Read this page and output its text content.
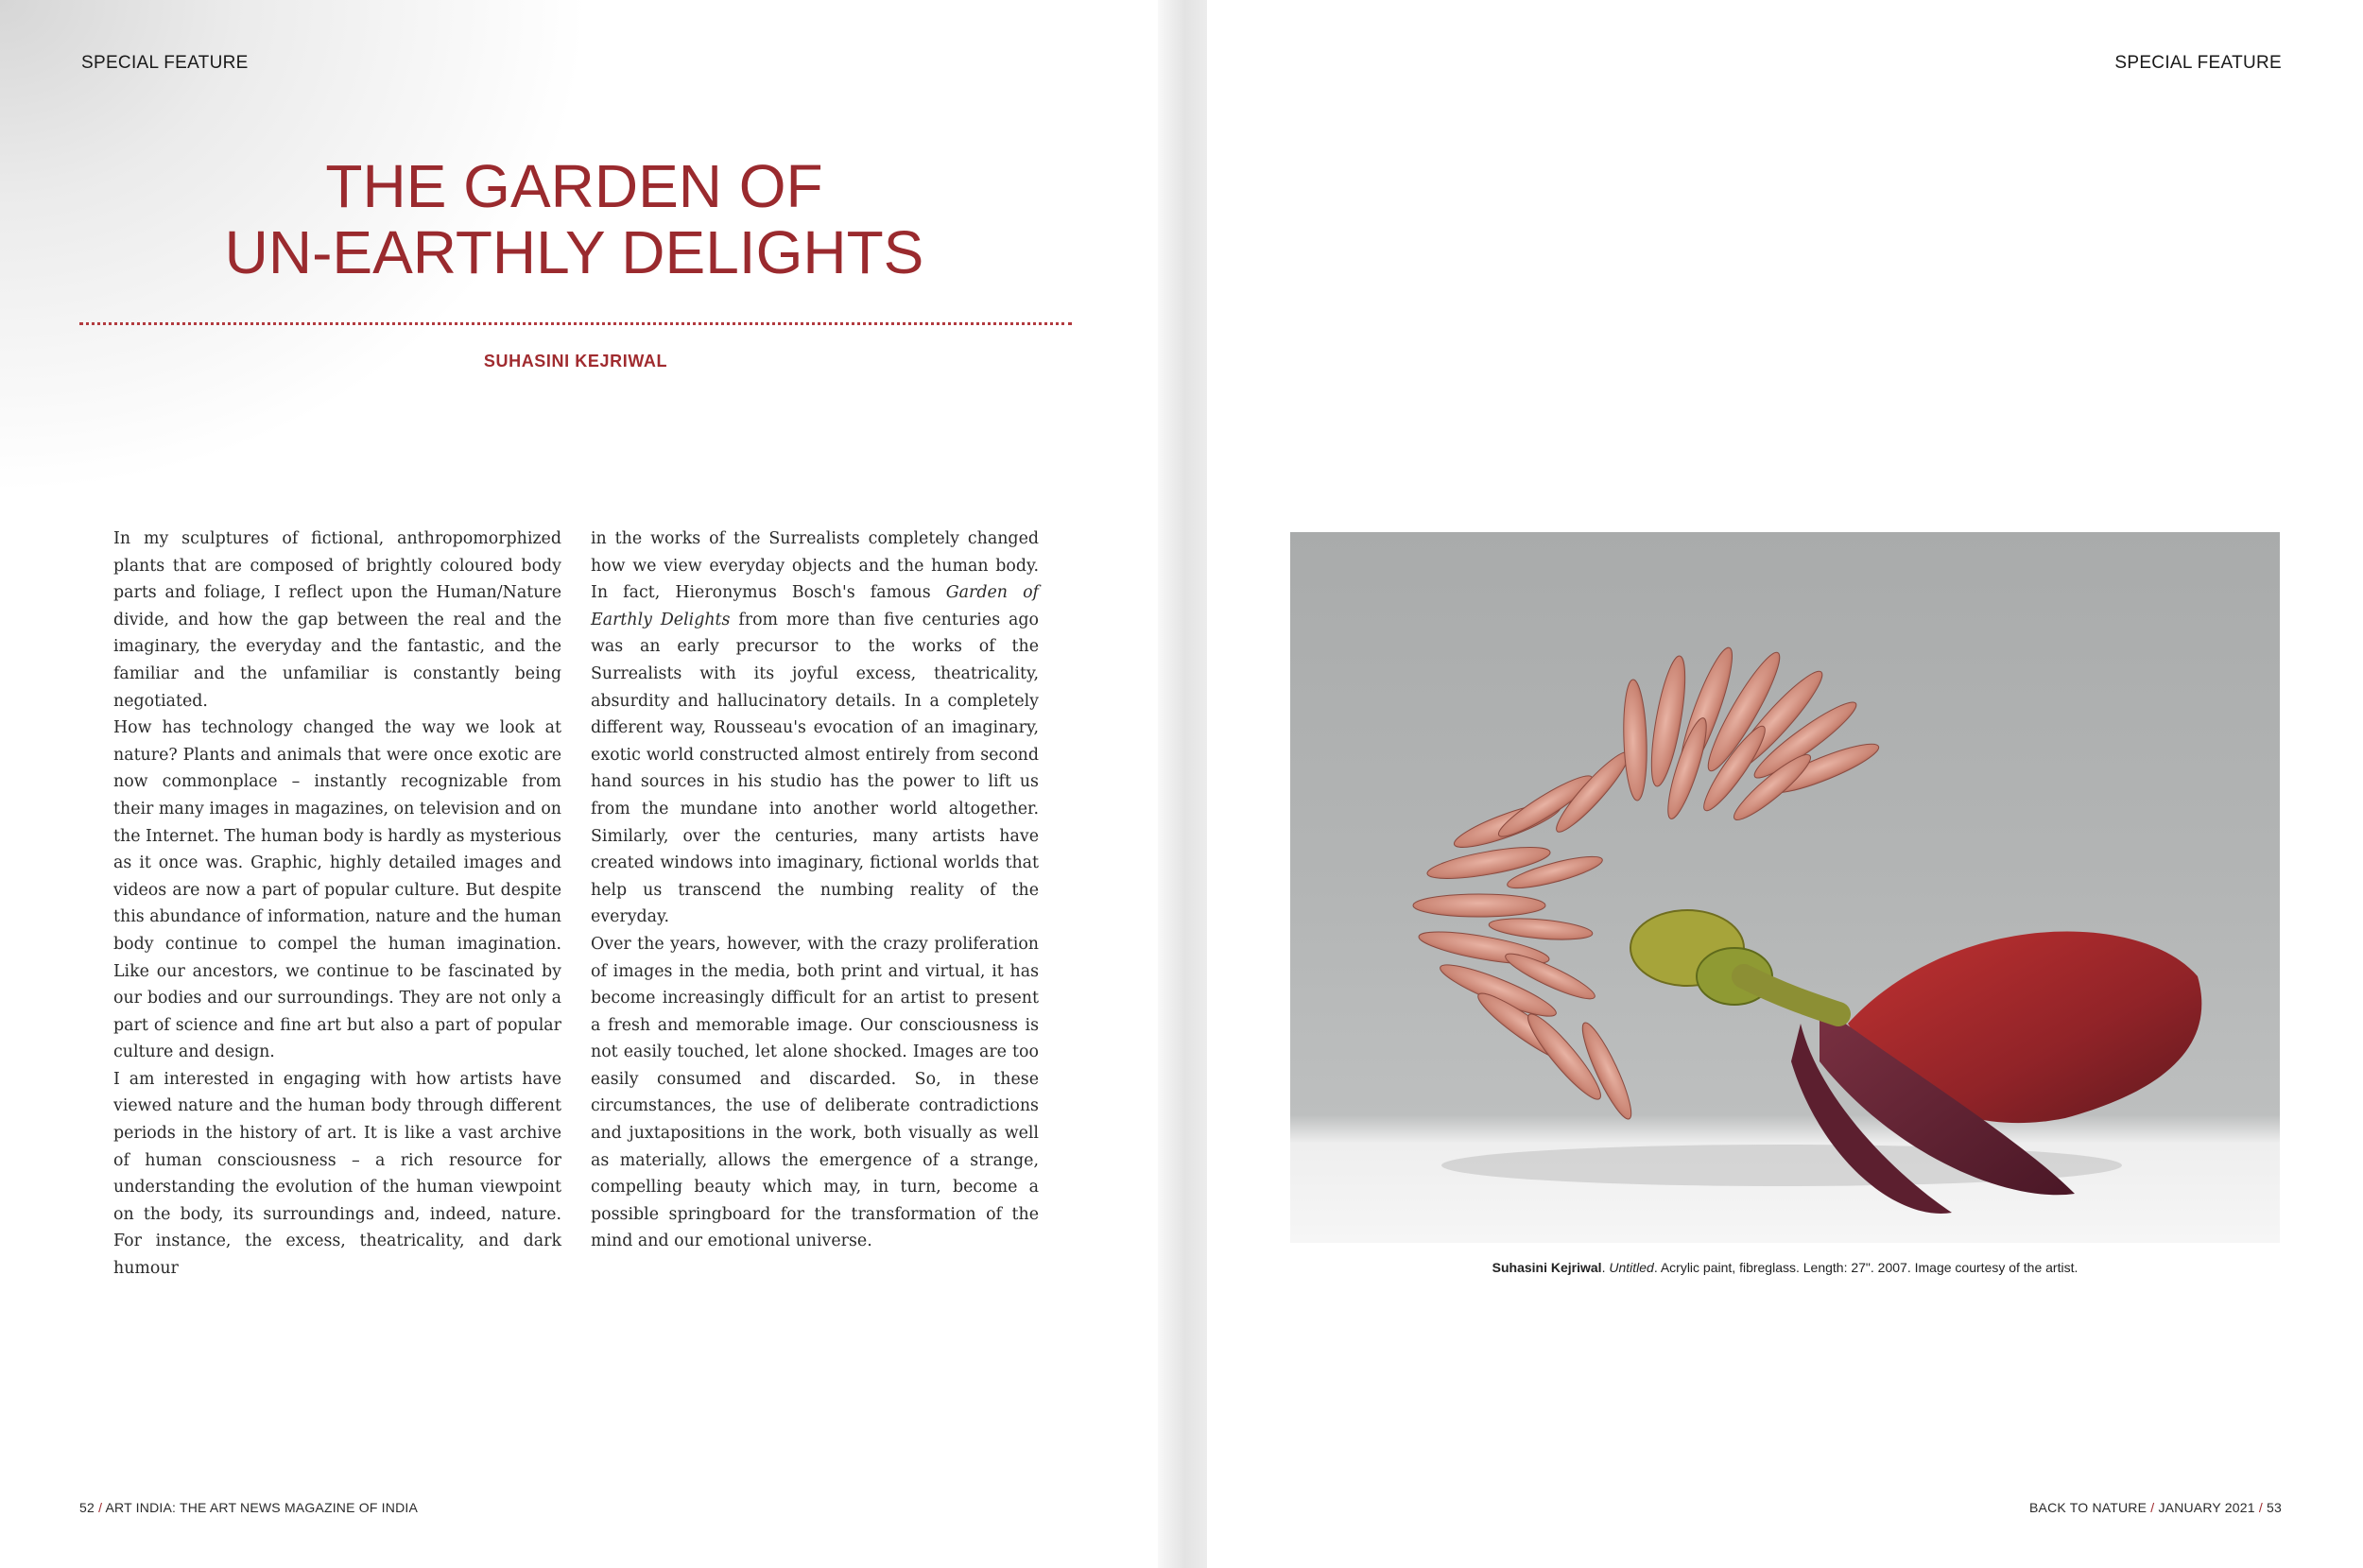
SPECIAL FEATURE
THE GARDEN OF
UN-EARTHLY DELIGHTS
SUHASINI KEJRIWAL

In my sculptures of fictional, anthropomorphized plants that are composed of brightly coloured body parts and foliage, I reflect upon the Human/Nature divide, and how the gap between the real and the imaginary, the everyday and the fantastic, and the familiar and the unfamiliar is constantly being negotiated.

How has technology changed the way we look at nature? Plants and animals that were once exotic are now commonplace – instantly recognizable from their many images in magazines, on television and on the Internet. The human body is hardly as mysterious as it once was. Graphic, highly detailed images and videos are now a part of popular culture. But despite this abundance of information, nature and the human body continue to compel the human imagination. Like our ancestors, we continue to be fascinated by our bodies and our surroundings. They are not only a part of science and fine art but also a part of popular culture and design.

I am interested in engaging with how artists have viewed nature and the human body through different periods in the history of art. It is like a vast archive of human consciousness – a rich resource for understanding the evolution of the human viewpoint on the body, its surroundings and, indeed, nature. For instance, the excess, theatricality, and dark humour

in the works of the Surrealists completely changed how we view everyday objects and the human body. In fact, Hieronymus Bosch's famous Garden of Earthly Delights from more than five centuries ago was an early precursor to the works of the Surrealists with its joyful excess, theatricality, absurdity and hallucinatory details. In a completely different way, Rousseau's evocation of an imaginary, exotic world constructed almost entirely from second hand sources in his studio has the power to lift us from the mundane into another world altogether. Similarly, over the centuries, many artists have created windows into imaginary, fictional worlds that help us transcend the numbing reality of the everyday.

Over the years, however, with the crazy proliferation of images in the media, both print and virtual, it has become increasingly difficult for an artist to present a fresh and memorable image. Our consciousness is not easily touched, let alone shocked. Images are too easily consumed and discarded. So, in these circumstances, the use of deliberate contradictions and juxtapositions in the work, both visually as well as materially, allows the emergence of a strange, compelling beauty which may, in turn, become a possible springboard for the transformation of the mind and our emotional universe.

52 / ART INDIA: THE ART NEWS MAGAZINE OF INDIA
SPECIAL FEATURE
Suhasini Kejriwal. Untitled. Acrylic paint, fibreglass. Length: 27". 2007. Image courtesy of the artist.
BACK TO NATURE / JANUARY 2021 / 53
